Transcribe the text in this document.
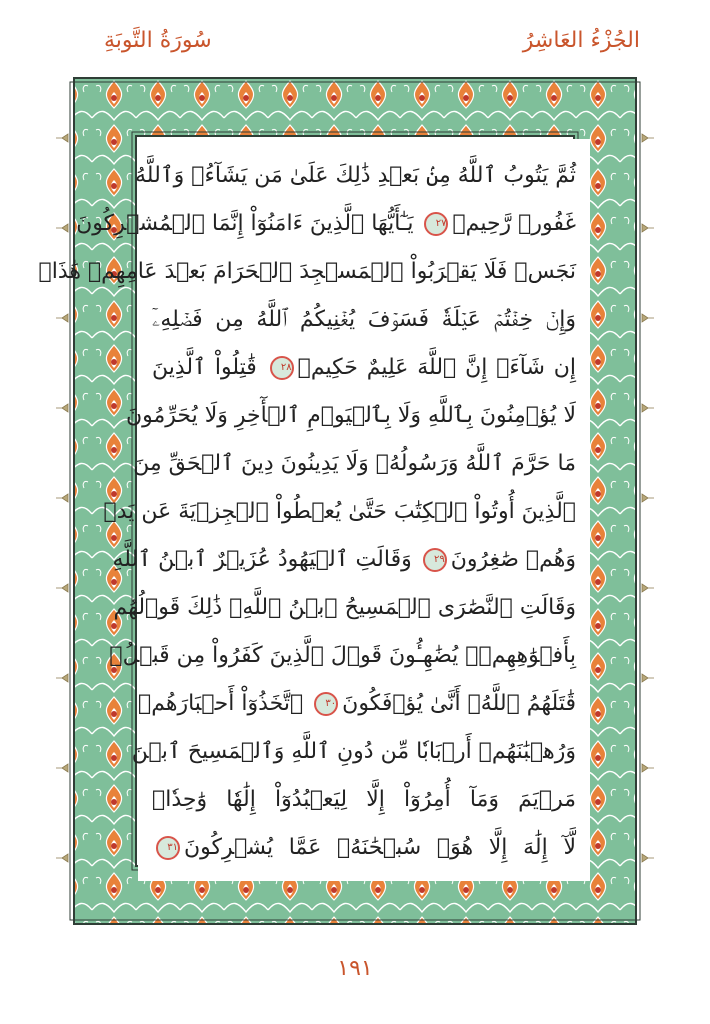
سُورَةُ التَّوبَةِ	الجُزْءُ العَاشِرُ
ثُمَّ يَتُوبُ ٱللَّهُ مِنۢ بَعۡدِ ذَٰلِكَ عَلَىٰ مَن يَشَآءُۗ وَٱللَّهُ
غَفُورٞ رَّحِيمٞ٢٧ يَـٰٓأَيُّهَا ٱلَّذِينَ ءَامَنُوٓاْ إِنَّمَا ٱلۡمُشۡرِكُونَ
نَجَسٞ فَلَا يَقۡرَبُواْ ٱلۡمَسۡجِدَ ٱلۡحَرَامَ بَعۡدَ عَامِهِمۡ هَٰذَاۚ
وَإِنۡ خِفۡتُمۡ عَيۡلَةٗ فَسَوۡفَ يُغۡنِيكُمُ ٱللَّهُ مِن فَضۡلِهِۦٓ
إِن شَآءَۚ إِنَّ ٱللَّهَ عَلِيمٌ حَكِيمٞ٢٨ قَٰتِلُواْ ٱلَّذِينَ
لَا يُؤۡمِنُونَ بِٱللَّهِ وَلَا بِٱلۡيَوۡمِ ٱلۡأٓخِرِ وَلَا يُحَرِّمُونَ
مَا حَرَّمَ ٱللَّهُ وَرَسُولُهُۥ وَلَا يَدِينُونَ دِينَ ٱلۡحَقِّ مِنَ
ٱلَّذِينَ أُوتُواْ ٱلۡكِتَٰبَ حَتَّىٰ يُعۡطُواْ ٱلۡجِزۡيَةَ عَن يَدٖ
وَهُمۡ صَٰغِرُونَ٢٩ وَقَالَتِ ٱلۡيَهُودُ عُزَيۡرٌ ٱبۡنُ ٱللَّهِ
وَقَالَتِ ٱلنَّصَٰرَى ٱلۡمَسِيحُ ٱبۡنُ ٱللَّهِۖ ذَٰلِكَ قَوۡلُهُم
بِأَفۡوَٰهِهِمۡۖ يُضَٰهِـُٔونَ قَوۡلَ ٱلَّذِينَ كَفَرُواْ مِن قَبۡلُۚ
قَٰتَلَهُمُ ٱللَّهُۖ أَنَّىٰ يُؤۡفَكُونَ٣٠ ٱتَّخَذُوٓاْ أَحۡبَارَهُمۡ
وَرُهۡبَٰنَهُمۡ أَرۡبَابٗا مِّن دُونِ ٱللَّهِ وَٱلۡمَسِيحَ ٱبۡنَ
مَرۡيَمَ وَمَآ أُمِرُوٓاْ إِلَّا لِيَعۡبُدُوٓاْ إِلَٰهٗا وَٰحِدٗاۖ
لَّآ إِلَٰهَ إِلَّا هُوَۚ سُبۡحَٰنَهُۥ عَمَّا يُشۡرِكُونَ٣١
١٩١
